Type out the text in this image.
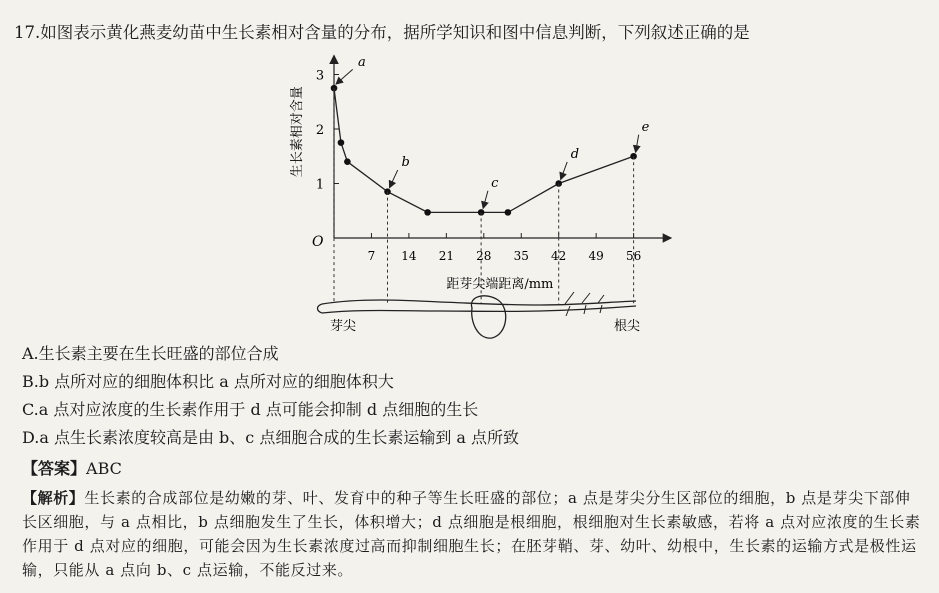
17.如图表示黄化燕麦幼苗中生长素相对含量的分布，据所学知识和图中信息判断，下列叙述正确的是
O
7 14 21 28 35 42 49 56
1
2
3
距芽尖端距离/mm
生长素相对含量
a
b
c
d
e
芽尖	根尖
A.生长素主要在生长旺盛的部位合成
B.b 点所对应的细胞体积比 a 点所对应的细胞体积大
C.a 点对应浓度的生长素作用于 d 点可能会抑制 d 点细胞的生长
D.a 点生长素浓度较高是由 b、c 点细胞合成的生长素运输到 a 点所致
【答案】ABC
【解析】生长素的合成部位是幼嫩的芽、叶、发育中的种子等生长旺盛的部位；a 点是芽尖分生区部位的细胞，b 点是芽尖下部伸长区细胞，与 a 点相比，b 点细胞发生了生长，体积增大；d 点细胞是根细胞，根细胞对生长素敏感，若将 a 点对应浓度的生长素作用于 d 点对应的细胞，可能会因为生长素浓度过高而抑制细胞生长；在胚芽鞘、芽、幼叶、幼根中，生长素的运输方式是极性运输，只能从 a 点向 b、c 点运输，不能反过来。
